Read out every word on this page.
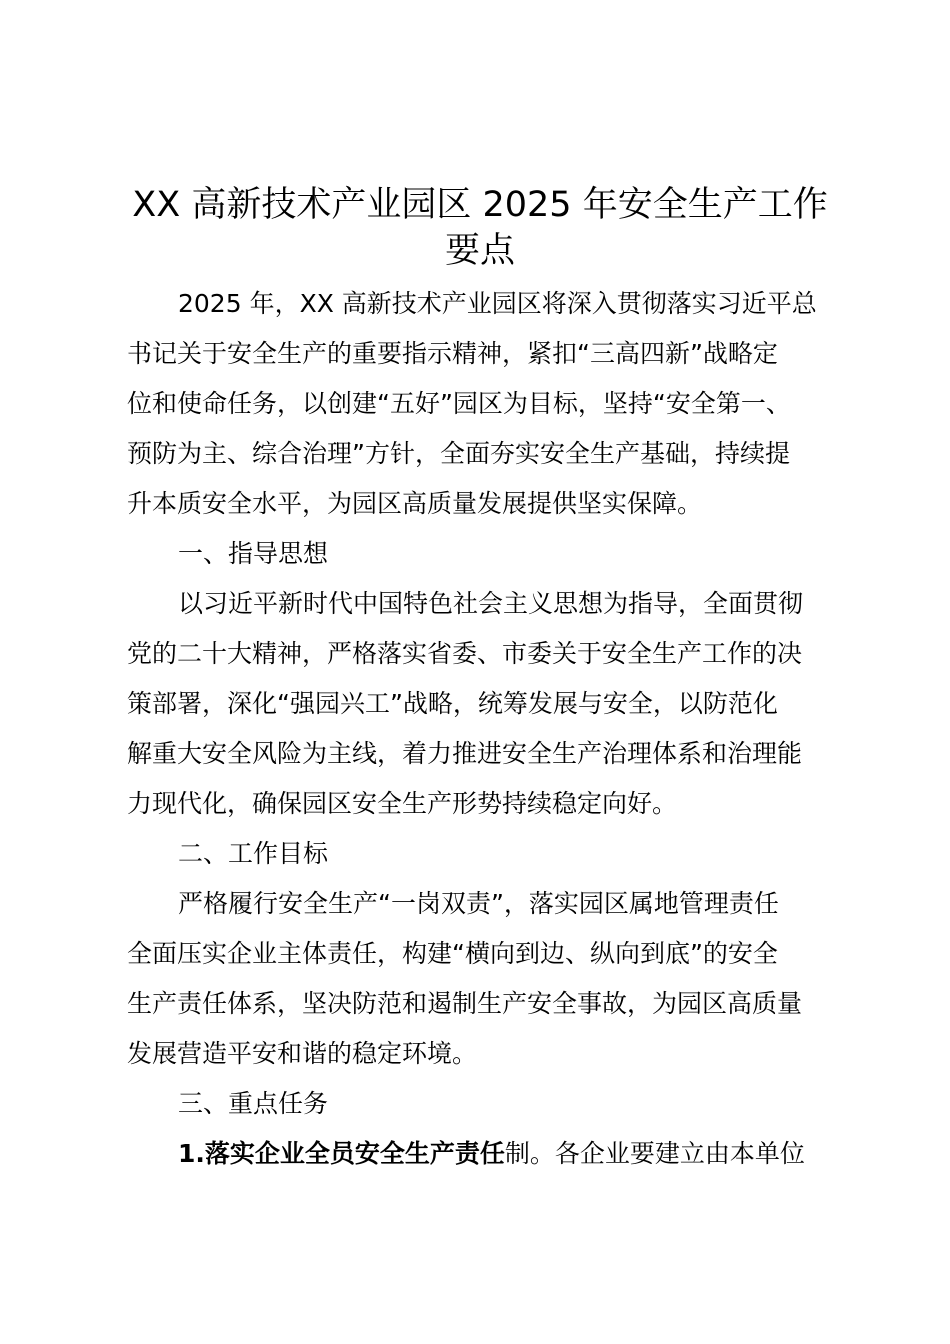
XX 高新技术产业园区 2025 年安全生产工作
要点
2025 年，XX 高新技术产业园区将深入贯彻落实习近平总
书记关于安全生产的重要指示精神，紧扣“三高四新”战略定
位和使命任务，以创建“五好”园区为目标，坚持“安全第一、
预防为主、综合治理”方针，全面夯实安全生产基础，持续提
升本质安全水平，为园区高质量发展提供坚实保障。
一、指导思想
以习近平新时代中国特色社会主义思想为指导，全面贯彻
党的二十大精神，严格落实省委、市委关于安全生产工作的决
策部署，深化“强园兴工”战略，统筹发展与安全，以防范化
解重大安全风险为主线，着力推进安全生产治理体系和治理能
力现代化，确保园区安全生产形势持续稳定向好。
二、工作目标
严格履行安全生产“一岗双责”，落实园区属地管理责任
全面压实企业主体责任，构建“横向到边、纵向到底”的安全
生产责任体系，坚决防范和遏制生产安全事故，为园区高质量
发展营造平安和谐的稳定环境。
三、重点任务
1.落实企业全员安全生产责任制。各企业要建立由本单位
